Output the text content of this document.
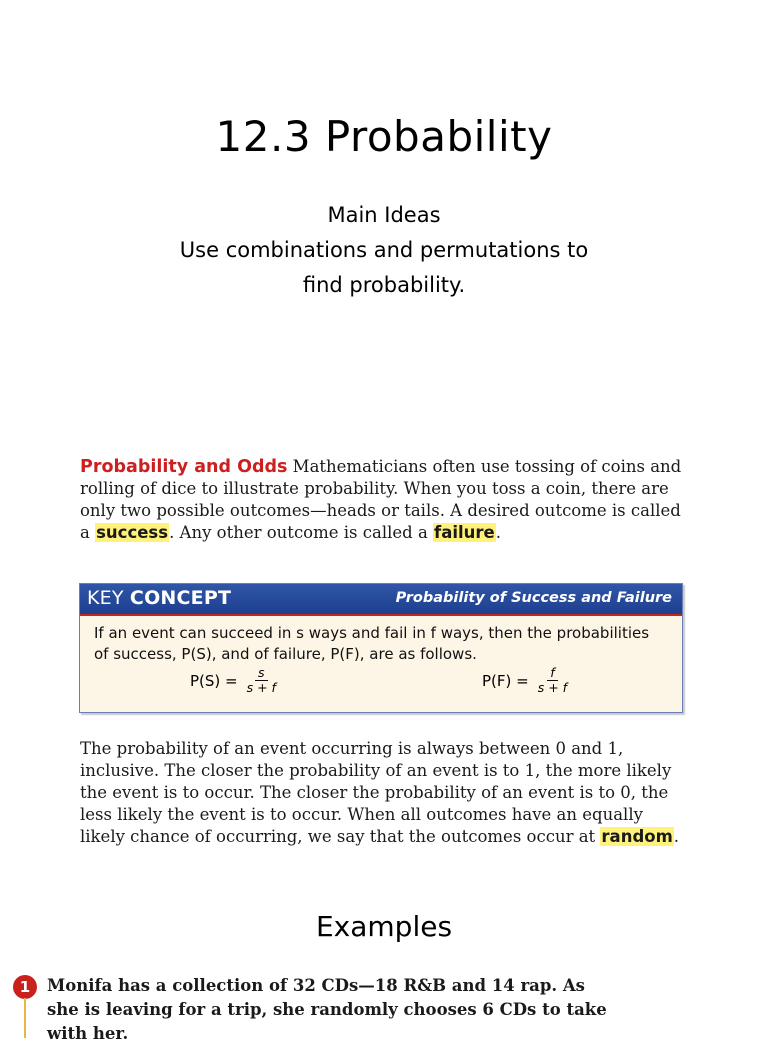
12.3 Probability
Main Ideas
Use combinations and permutations to
find probability.
Probability and Odds Mathematicians often use tossing of coins and rolling of dice to illustrate probability. When you toss a coin, there are only two possible outcomes—heads or tails. A desired outcome is called a success. Any other outcome is called a failure.
KEY CONCEPT	Probability of Success and Failure
If an event can succeed in s ways and fail in f ways, then the probabilities of success, P(S), and of failure, P(F), are as follows.
$P(S) = \frac{s}{s + f}$	$P(F) = \frac{f}{s + f}$
The probability of an event occurring is always between 0 and 1, inclusive. The closer the probability of an event is to 1, the more likely the event is to occur. The closer the probability of an event is to 0, the less likely the event is to occur. When all outcomes have an equally likely chance of occurring, we say that the outcomes occur at random.
Examples
1	Monifa has a collection of 32 CDs—18 R&B and 14 rap. As she is leaving for a trip, she randomly chooses 6 CDs to take with her.
